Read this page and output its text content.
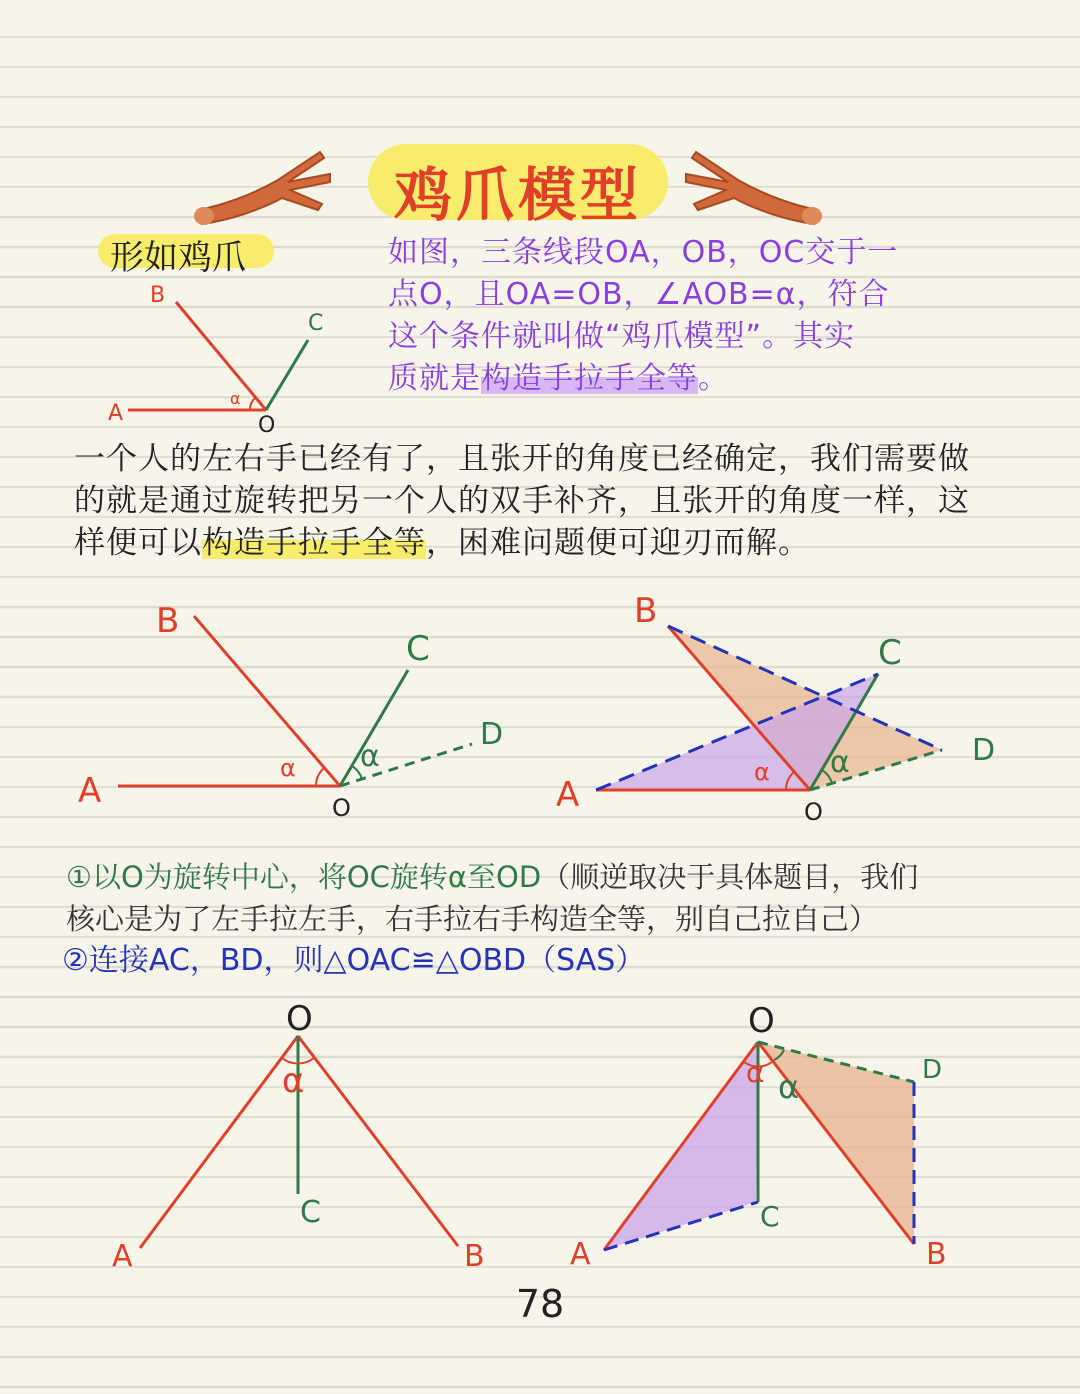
鸡爪模型
形如鸡爪
A
B
C
O
α
如图，三条线段OA，OB，OC交于一
点O，且OA=OB，∠AOB=α，符合
这个条件就叫做“鸡爪模型”。其实
质就是构造手拉手全等。
一个人的左右手已经有了，且张开的角度已经确定，我们需要做
的就是通过旋转把另一个人的双手补齐，且张开的角度一样，这
样便可以构造手拉手全等，困难问题便可迎刃而解。
A
B
C
D
O
α α
A
B
C
D
O
α α
①以O为旋转中心，将OC旋转α至OD（顺逆取决于具体题目，我们
核心是为了左手拉左手，右手拉右手构造全等，别自己拉自己）
②连接AC，BD，则△OAC≌△OBD（SAS）
O
α
C
A	B
O
α α
C
D
A	B
78
